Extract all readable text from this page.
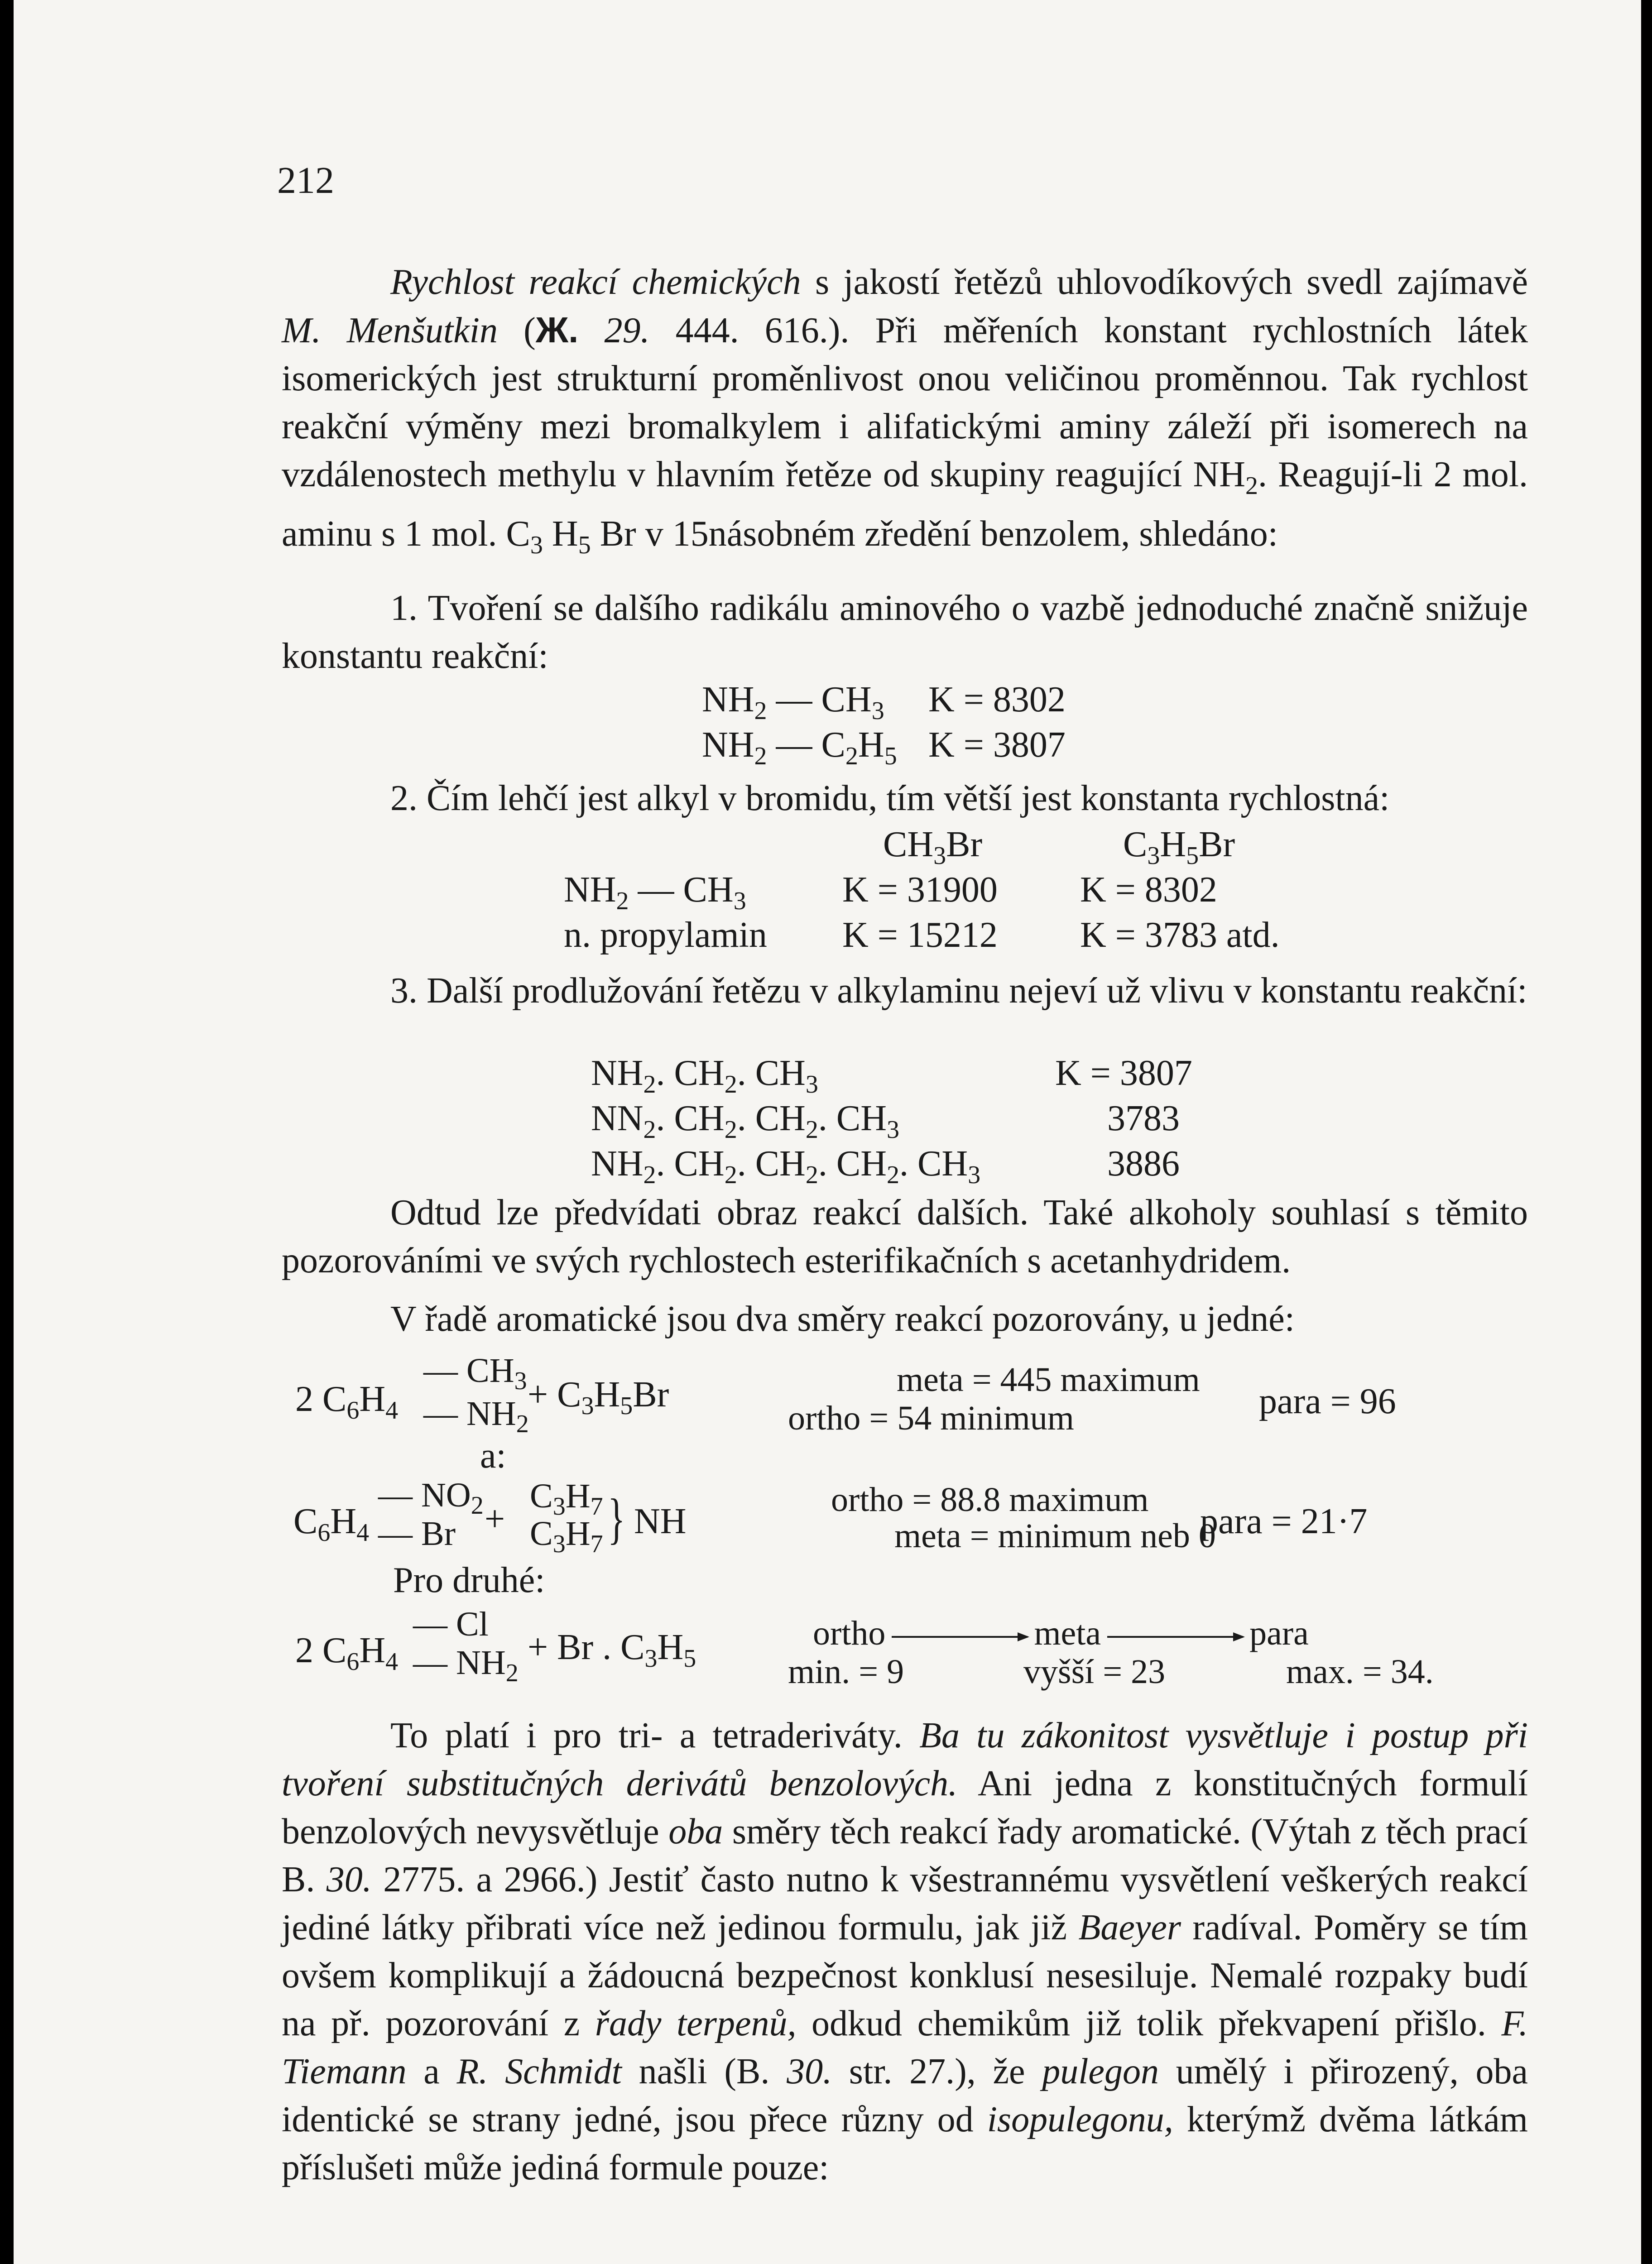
212
Rychlost reakcí chemických s jakostí řetězů uhlovodíkových svedl zajímavě M. Menšutkin (Ж. 29. 444. 616.). Při měřeních konstant rychlostních látek isomerických jest strukturní proměnlivost onou veličinou proměnnou. Tak rychlost reakční výměny mezi bromalkylem i alifatickými aminy záleží při isomerech na vzdálenostech methylu v hlavním řetěze od skupiny reagující $NH_2$. Reagují-li 2 mol. aminu s 1 mol. $C_3$ $H_5$ Br v 15násobném zředění benzolem, shledáno:
1. Tvoření se dalšího radikálu aminového o vazbě jednoduché značně snižuje konstantu reakční:
$NH_2$ — $CH_3$ K = 8302
$NH_2$ — $C_2H_5$ K = 3807
2. Čím lehčí jest alkyl v bromidu, tím větší jest konstanta rychlostná:
$CH_3Br$	$C_3H_5Br$
$NH_2$ — $CH_3$	K = 31900 K = 8302
n. propylamin K = 15212 K = 3783 atd.
3. Další prodlužování řetězu v alkylaminu nejeví už vlivu v konstantu reakční:
$NH_2$. $CH_2$. $CH_3$	K = 3807
$NN_2$. $CH_2$. $CH_2$. $CH_3$	3783
$NH_2$. $CH_2$. $CH_2$. $CH_2$. $CH_3$	3886
Odtud lze předvídati obraz reakcí dalších. Také alkoholy souhlasí s těmito pozorováními ve svých rychlostech esterifikačních s acetanhydridem.
V řadě aromatické jsou dva směry reakcí pozorovány, u jedné:
2 $C_6H_4$
— $CH_3$
— $NH_2$
+ $C_3H_5Br$	meta = 445 maximum
ortho = 54 minimum	para = 96
a:
$C_6H_4$
— $NO_2$
— Br +
$C_3H_7$
$C_3H_7$ } NH
ortho = 88.8 maximum
meta = minimum neb 0
para = 21·7
Pro druhé:
2 $C_6H_4$
— Cl
— $NH_2$
+ Br . $C_3H_5$
ortho	meta	para
min. = 9	vyšší = 23	max. = 34.
To platí i pro tri- a tetraderiváty. Ba tu zákonitost vysvětluje i postup při tvoření substitučných derivátů benzolových. Ani jedna z konstitučných formulí benzolových nevysvětluje oba směry těch reakcí řady aromatické. (Výtah z těch prací B. 30. 2775. a 2966.) Jestiť často nutno k všestrannému vysvětlení veškerých reakcí jediné látky přibrati více než jedinou formulu, jak již Baeyer radíval. Poměry se tím ovšem komplikují a žádoucná bezpečnost konklusí nesesiluje. Nemalé rozpaky budí na př. pozorování z řady terpenů, odkud chemikům již tolik překvapení přišlo. F. Tiemann a R. Schmidt našli (B. 30. str. 27.), že pulegon umělý i přirozený, oba identické se strany jedné, jsou přece různy od isopulegonu, kterýmž dvěma látkám příslušeti může jediná formule pouze:
